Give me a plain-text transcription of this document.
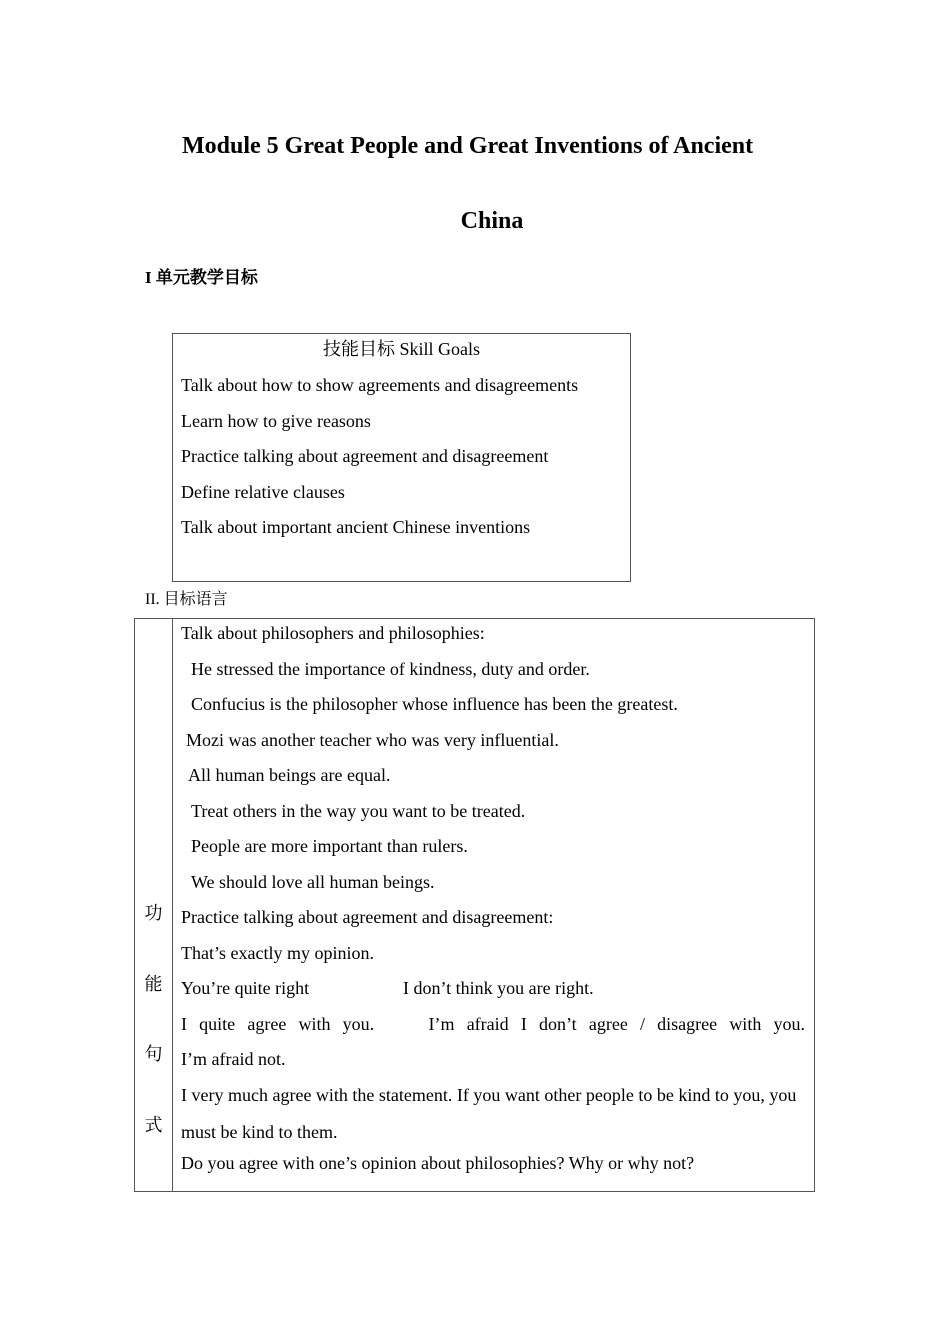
Module 5 Great People and Great Inventions of Ancient
China
I 单元教学目标
技能目标 Skill Goals
Talk about how to show agreements and disagreements
Learn how to give reasons
Practice talking about agreement and disagreement
Define relative clauses
Talk about important ancient Chinese inventions
II. 目标语言
功
能
句
式
Talk about philosophers and philosophies:
He stressed the importance of kindness, duty and order.
Confucius is the philosopher whose influence has been the greatest.
Mozi was another teacher who was very influential.
All human beings are equal.
Treat others in the way you want to be treated.
People are more important than rulers.
We should love all human beings.
Practice talking about agreement and disagreement:
That’s exactly my opinion.
You’re quite right	I don’t think you are right.
I quite agree with you.	I’m afraid I don’t agree / disagree with you.
I’m afraid not.
I very much agree with the statement. If you want other people to be kind to you, you must be kind to them.
Do you agree with one’s opinion about philosophies? Why or why not?
